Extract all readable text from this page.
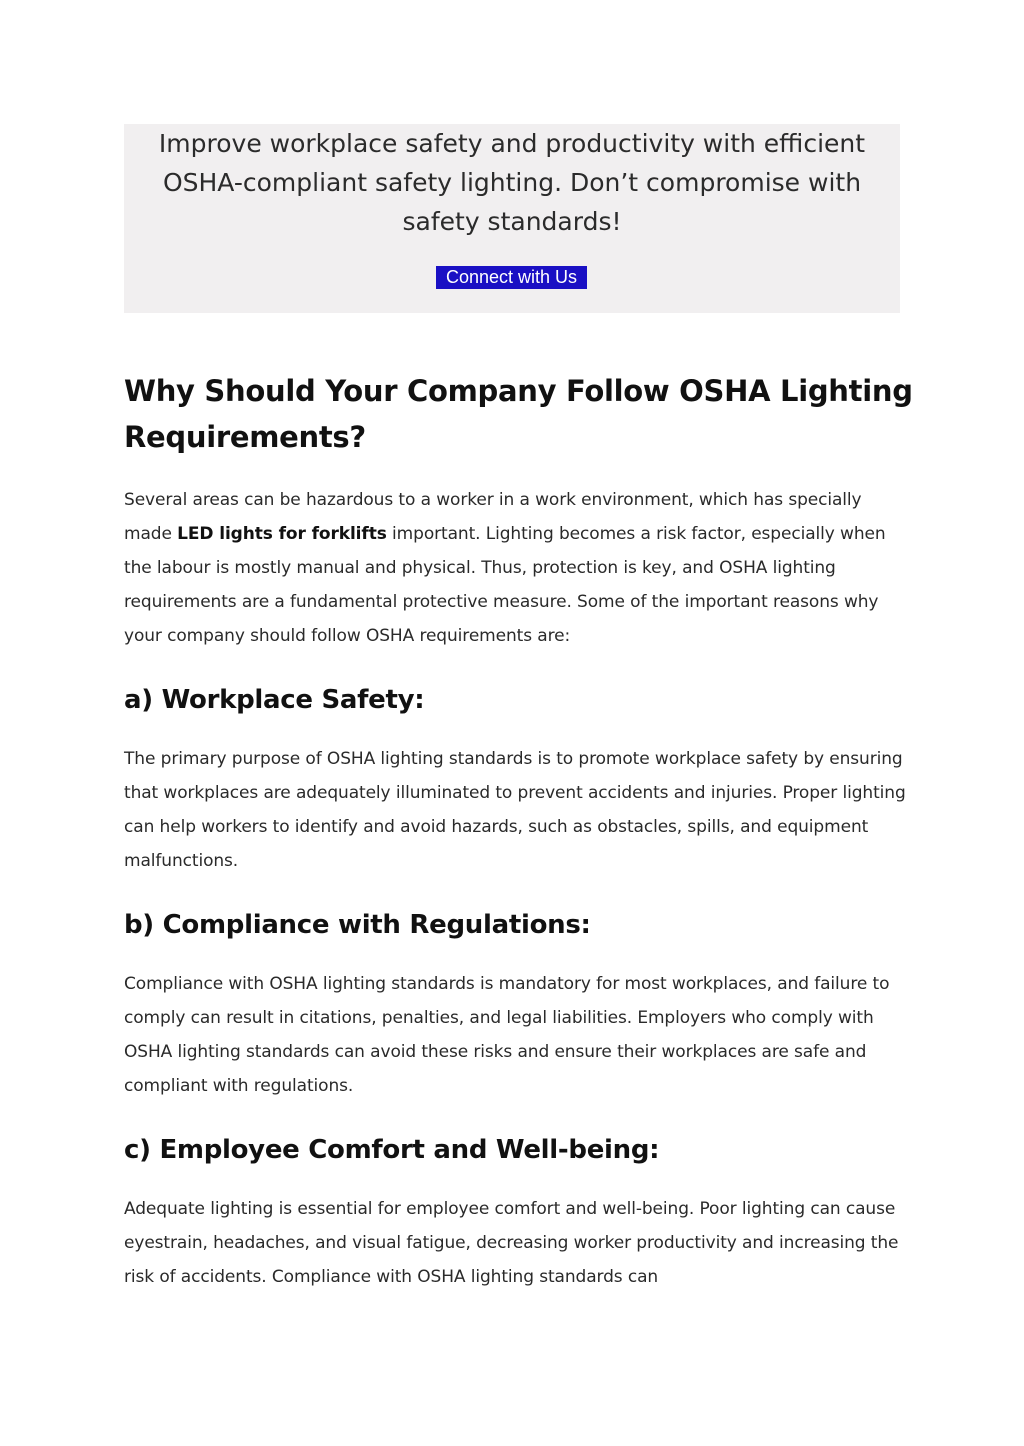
Improve workplace safety and productivity with efficient OSHA-compliant safety lighting. Don’t compromise with safety standards!

Connect with Us
Why Should Your Company Follow OSHA Lighting Requirements?

Several areas can be hazardous to a worker in a work environment, which has specially made LED lights for forklifts important. Lighting becomes a risk factor, especially when the labour is mostly manual and physical. Thus, protection is key, and OSHA lighting requirements are a fundamental protective measure. Some of the important reasons why your company should follow OSHA requirements are:

a) Workplace Safety:

The primary purpose of OSHA lighting standards is to promote workplace safety by ensuring that workplaces are adequately illuminated to prevent accidents and injuries. Proper lighting can help workers to identify and avoid hazards, such as obstacles, spills, and equipment malfunctions.

b) Compliance with Regulations:

Compliance with OSHA lighting standards is mandatory for most workplaces, and failure to comply can result in citations, penalties, and legal liabilities. Employers who comply with OSHA lighting standards can avoid these risks and ensure their workplaces are safe and compliant with regulations.

c) Employee Comfort and Well-being:

Adequate lighting is essential for employee comfort and well-being. Poor lighting can cause eyestrain, headaches, and visual fatigue, decreasing worker productivity and increasing the risk of accidents. Compliance with OSHA lighting standards can
